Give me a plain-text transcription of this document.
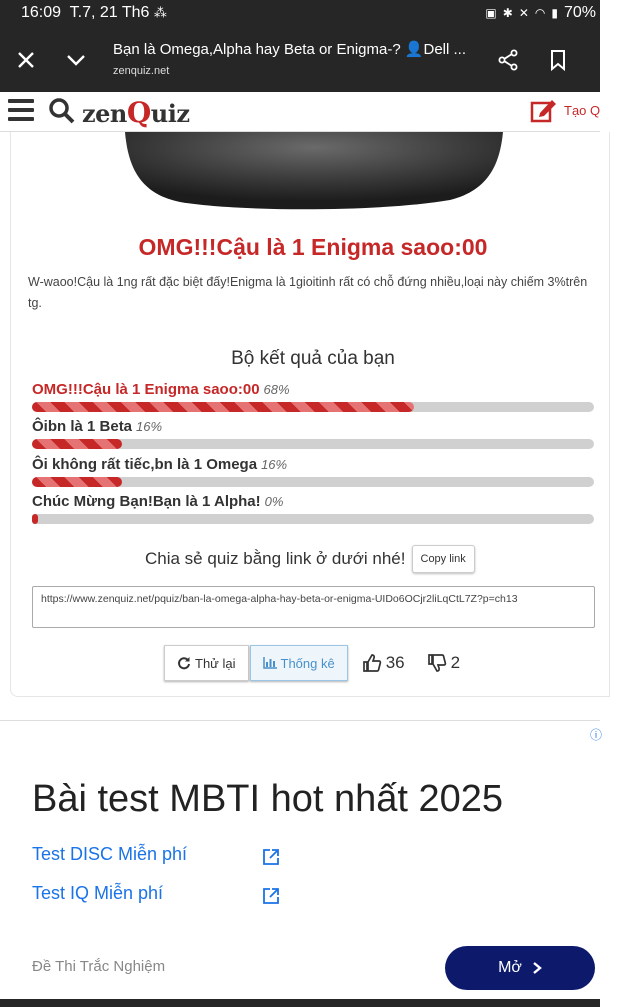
16:09 T.7, 21 Th6 ⁂	▣ ✱ ✕ ◠ ▮ 70%
Bạn là Omega,Alpha hay Beta or Enigma-? 👤Dell ...
zenquiz.net
zenQuiz	Tạo Q
OMG!!!Cậu là 1 Enigma saoo:00
W-waoo!Cậu là 1ng rất đặc biệt đấy!Enigma là 1gioitinh rất có chỗ đứng nhiều,loại này chiếm 3%trên tg.
Bộ kết quả của bạn
OMG!!!Cậu là 1 Enigma saoo:00 68%
Ôibn là 1 Beta 16%
Ôi không rất tiếc,bn là 1 Omega 16%
Chúc Mừng Bạn!Bạn là 1 Alpha! 0%
Chia sẻ quiz bằng link ở dưới nhé!	Copy link
https://www.zenquiz.net/pquiz/ban-la-omega-alpha-hay-beta-or-enigma-UIDo6OCjr2liLqCtL7Z?p=ch13
Thử lại	Thống kê	36	2
ⓘ
Bài test MBTI hot nhất 2025
Test DISC Miễn phí
Test IQ Miễn phí
Đề Thi Trắc Nghiệm	Mở
